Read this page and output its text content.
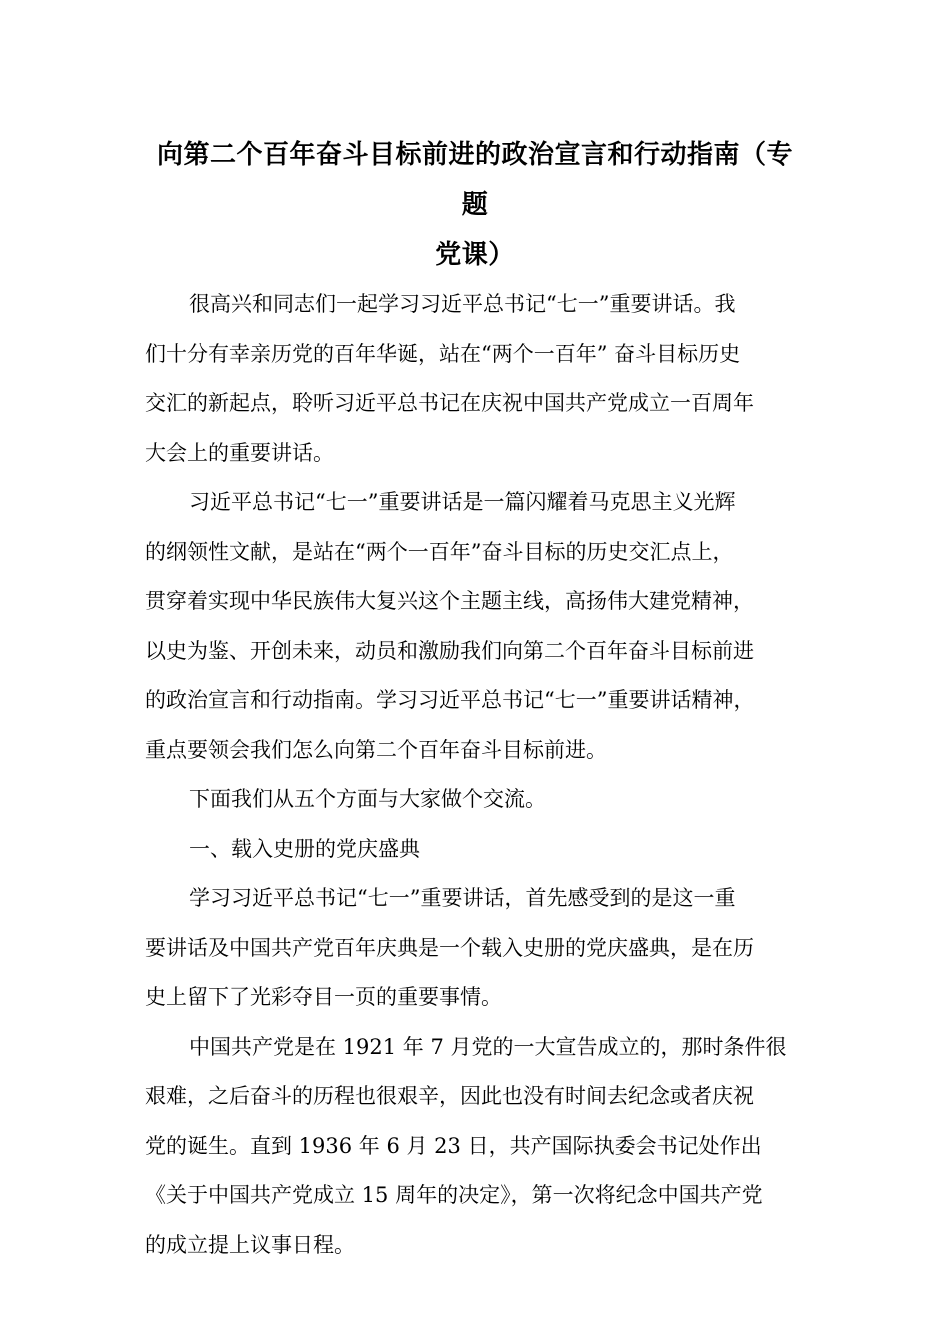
向第二个百年奋斗目标前进的政治宣言和行动指南（专题
党课）
很高兴和同志们一起学习习近平总书记“七一”重要讲话。我
们十分有幸亲历党的百年华诞，站在“两个一百年” 奋斗目标历史
交汇的新起点，聆听习近平总书记在庆祝中国共产党成立一百周年
大会上的重要讲话。
习近平总书记“七一”重要讲话是一篇闪耀着马克思主义光辉
的纲领性文献，是站在“两个一百年”奋斗目标的历史交汇点上，
贯穿着实现中华民族伟大复兴这个主题主线，高扬伟大建党精神，
以史为鉴、开创未来，动员和激励我们向第二个百年奋斗目标前进
的政治宣言和行动指南。学习习近平总书记“七一”重要讲话精神，
重点要领会我们怎么向第二个百年奋斗目标前进。
下面我们从五个方面与大家做个交流。
一、载入史册的党庆盛典
学习习近平总书记“七一”重要讲话，首先感受到的是这一重
要讲话及中国共产党百年庆典是一个载入史册的党庆盛典，是在历
史上留下了光彩夺目一页的重要事情。
中国共产党是在 1921 年 7 月党的一大宣告成立的，那时条件很
艰难，之后奋斗的历程也很艰辛，因此也没有时间去纪念或者庆祝
党的诞生。直到 1936 年 6 月 23 日，共产国际执委会书记处作出
《关于中国共产党成立 15 周年的决定》，第一次将纪念中国共产党
的成立提上议事日程。
